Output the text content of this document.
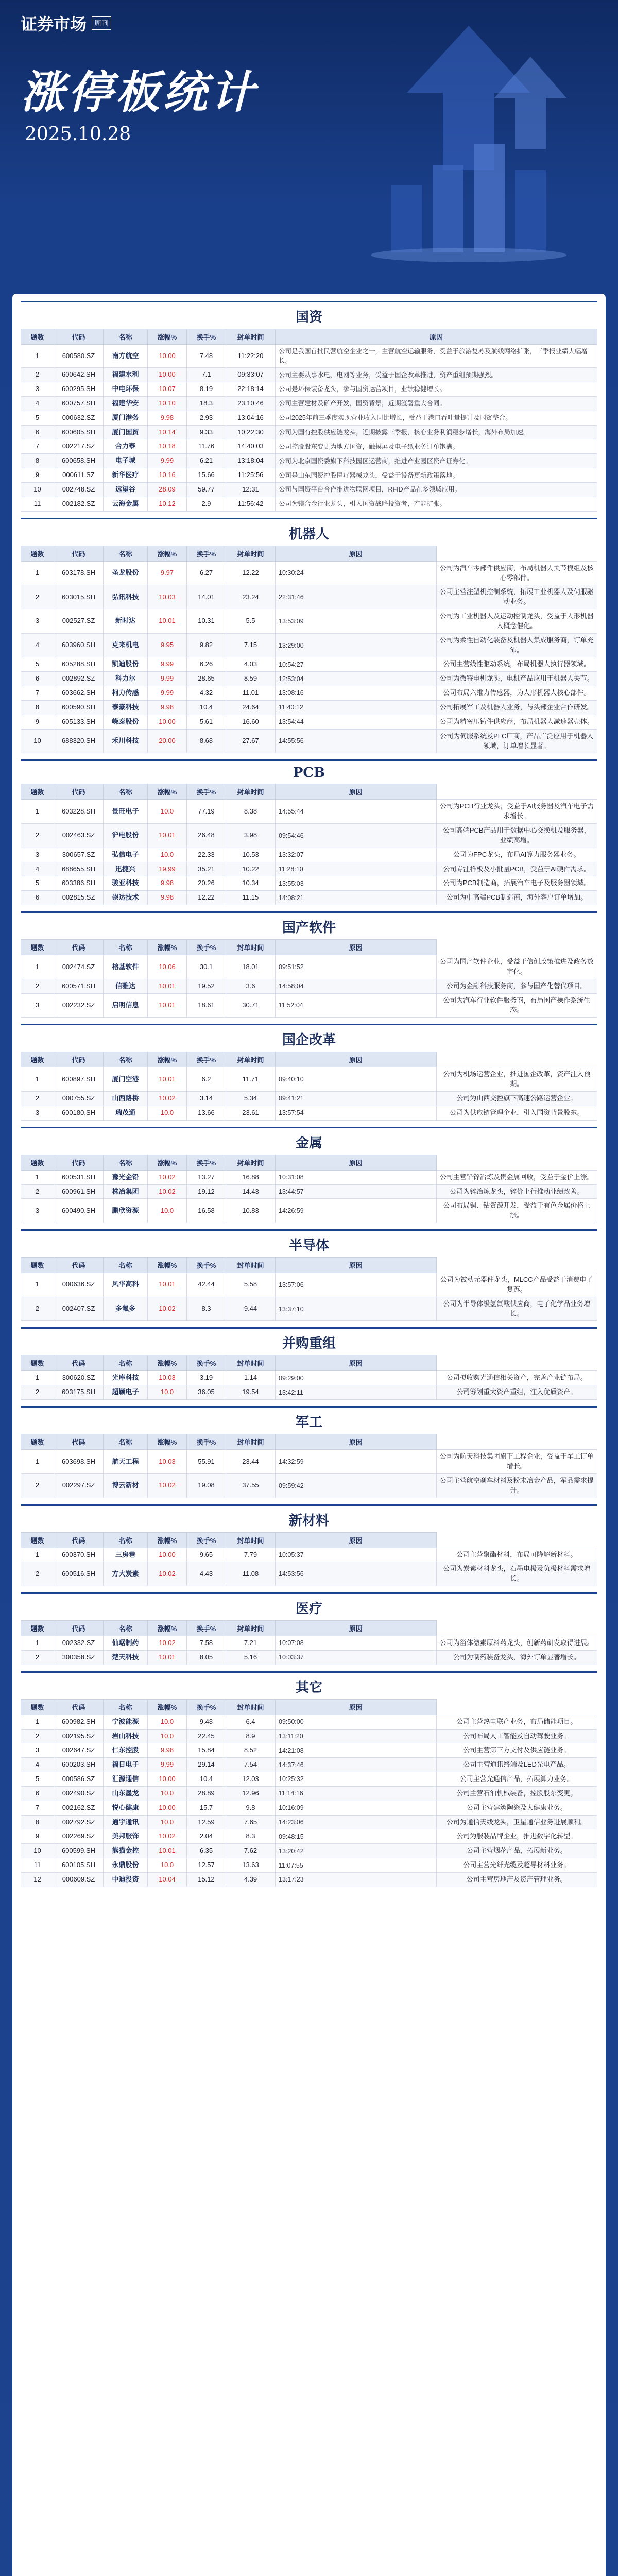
证券市场	周刊
涨停板统计
2025.10.28
国资
题数	代码	名称	涨幅%	换手%	封单时间	原因
1	600580.SZ	南方航空	10.00	7.48	11:22:20	公司是我国首批民营航空企业之一，主营航空运输服务，受益于旅游复苏及航线网络扩张，三季报业绩大幅增长。
2	600642.SH	福建水利	10.00	7.1	09:33:07	公司主要从事水电、电网等业务，受益于国企改革推进，资产重组预期强烈。
3	600295.SH	中电环保	10.07	8.19	22:18:14	公司是环保装备龙头，参与国资运营项目，业绩稳健增长。
4	600757.SH	福建华安	10.10	18.3	23:10:46	公司主营建材及矿产开发，国资背景，近期签署重大合同。
5	000632.SZ	厦门港务	9.98	2.93	13:04:16	公司2025年前三季度实现营业收入同比增长，受益于港口吞吐量提升及国资整合。
6	600605.SH	厦门国贸	10.14	9.33	10:22:30	公司为国有控股供应链龙头，近期披露三季报，核心业务利润稳步增长，海外布局加速。
7	002217.SZ	合力泰	10.18	11.76	14:40:03	公司控股股东变更为地方国资，触摸屏及电子纸业务订单饱满。
8	600658.SH	电子城	9.99	6.21	13:18:04	公司为北京国资委旗下科技园区运营商，推进产业园区资产证券化。
9	000611.SZ	新华医疗	10.16	15.66	11:25:56	公司是山东国资控股医疗器械龙头，受益于设备更新政策落地。
10	002748.SZ	远望谷	28.09	59.77	12:31	公司与国资平台合作推进物联网项目，RFID产品在多领域应用。
11	002182.SZ	云海金属	10.12	2.9	11:56:42	公司为镁合金行业龙头，引入国资战略投资者，产能扩张。
机器人
题数	代码	名称	涨幅%	换手%	封单时间	原因	
1	603178.SH	圣龙股份	9.97	6.27	12.22	10:30:24	公司为汽车零部件供应商，布局机器人关节模组及核心零部件。
2	603015.SH	弘讯科技	10.03	14.01	23.24	22:31:46	公司主营注塑机控制系统，拓展工业机器人及伺服驱动业务。
3	002527.SZ	新时达	10.01	10.31	5.5	13:53:09	公司为工业机器人及运动控制龙头，受益于人形机器人概念催化。
4	603960.SH	克来机电	9.95	9.82	7.15	13:29:00	公司为柔性自动化装备及机器人集成服务商，订单充沛。
5	605288.SH	凯迪股份	9.99	6.26	4.03	10:54:27	公司主营线性驱动系统，布局机器人执行器领域。
6	002892.SZ	科力尔	9.99	28.65	8.59	12:53:04	公司为微特电机龙头，电机产品应用于机器人关节。
7	603662.SH	柯力传感	9.99	4.32	11.01	13:08:16	公司布局六维力传感器，为人形机器人核心部件。
8	600590.SH	泰豪科技	9.98	10.4	24.64	11:40:12	公司拓展军工及机器人业务，与头部企业合作研发。
9	605133.SH	嵘泰股份	10.00	5.61	16.60	13:54:44	公司为精密压铸件供应商，布局机器人减速器壳体。
10	688320.SH	禾川科技	20.00	8.68	27.67	14:55:56	公司为伺服系统及PLC厂商，产品广泛应用于机器人领域，订单增长显著。
PCB
题数	代码	名称	涨幅%	换手%	封单时间	原因	
1	603228.SH	景旺电子	10.0	77.19	8.38	14:55:44	公司为PCB行业龙头，受益于AI服务器及汽车电子需求增长。
2	002463.SZ	沪电股份	10.01	26.48	3.98	09:54:46	公司高端PCB产品用于数据中心交换机及服务器，业绩高增。
3	300657.SZ	弘信电子	10.0	22.33	10.53	13:32:07	公司为FPC龙头，布局AI算力服务器业务。
4	688655.SH	迅捷兴	19.99	35.21	10.22	11:28:10	公司专注样板及小批量PCB，受益于AI硬件需求。
5	603386.SH	骏亚科技	9.98	20.26	10.34	13:55:03	公司为PCB制造商，拓展汽车电子及服务器领域。
6	002815.SZ	崇达技术	9.98	12.22	11.15	14:08:21	公司为中高端PCB制造商，海外客户订单增加。
国产软件
题数	代码	名称	涨幅%	换手%	封单时间	原因	
1	002474.SZ	榕基软件	10.06	30.1	18.01	09:51:52	公司为国产软件企业，受益于信创政策推进及政务数字化。
2	600571.SH	信雅达	10.01	19.52	3.6	14:58:04	公司为金融科技服务商，参与国产化替代项目。
3	002232.SZ	启明信息	10.01	18.61	30.71	11:52:04	公司为汽车行业软件服务商，布局国产操作系统生态。
国企改革
题数	代码	名称	涨幅%	换手%	封单时间	原因	
1	600897.SH	厦门空港	10.01	6.2	11.71	09:40:10	公司为机场运营企业，推进国企改革，资产注入预期。
2	000755.SZ	山西路桥	10.02	3.14	5.34	09:41:21	公司为山西交控旗下高速公路运营企业。
3	600180.SH	瑞茂通	10.0	13.66	23.61	13:57:54	公司为供应链管理企业，引入国资背景股东。
金属
题数	代码	名称	涨幅%	换手%	封单时间	原因	
1	600531.SH	豫光金铅	10.02	13.27	16.88	10:31:08	公司主营铅锌冶炼及贵金属回收，受益于金价上涨。
2	600961.SH	株冶集团	10.02	19.12	14.43	13:44:57	公司为锌冶炼龙头，锌价上行推动业绩改善。
3	600490.SH	鹏欣资源	10.0	16.58	10.83	14:26:59	公司布局铜、钴资源开发，受益于有色金属价格上涨。
半导体
题数	代码	名称	涨幅%	换手%	封单时间	原因	
1	000636.SZ	风华高科	10.01	42.44	5.58	13:57:06	公司为被动元器件龙头，MLCC产品受益于消费电子复苏。
2	002407.SZ	多氟多	10.02	8.3	9.44	13:37:10	公司为半导体级氢氟酸供应商，电子化学品业务增长。
并购重组
题数	代码	名称	涨幅%	换手%	封单时间	原因	
1	300620.SZ	光库科技	10.03	3.19	1.14	09:29:00	公司拟收购光通信相关资产，完善产业链布局。
2	603175.SH	超颖电子	10.0	36.05	19.54	13:42:11	公司筹划重大资产重组，注入优质资产。
军工
题数	代码	名称	涨幅%	换手%	封单时间	原因	
1	603698.SH	航天工程	10.03	55.91	23.44	14:32:59	公司为航天科技集团旗下工程企业，受益于军工订单增长。
2	002297.SZ	博云新材	10.02	19.08	37.55	09:59:42	公司主营航空刹车材料及粉末冶金产品，军品需求提升。
新材料
题数	代码	名称	涨幅%	换手%	封单时间	原因	
1	600370.SH	三房巷	10.00	9.65	7.79	10:05:37	公司主营聚酯材料，布局可降解新材料。
2	600516.SH	方大炭素	10.02	4.43	11.08	14:53:56	公司为炭素材料龙头，石墨电极及负极材料需求增长。
医疗
题数	代码	名称	涨幅%	换手%	封单时间	原因	
1	002332.SZ	仙琚制药	10.02	7.58	7.21	10:07:08	公司为甾体激素原料药龙头，创新药研发取得进展。
2	300358.SZ	楚天科技	10.01	8.05	5.16	10:03:37	公司为制药装备龙头，海外订单显著增长。
其它
题数	代码	名称	涨幅%	换手%	封单时间	原因	
1	600982.SH	宁波能源	10.0	9.48	6.4	09:50:00	公司主营热电联产业务，布局储能项目。
2	002195.SZ	岩山科技	10.0	22.45	8.9	13:11:20	公司布局人工智能及自动驾驶业务。
3	002647.SZ	仁东控股	9.98	15.84	8.52	14:21:08	公司主营第三方支付及供应链业务。
4	600203.SH	福日电子	9.99	29.14	7.54	14:37:46	公司主营通讯终端及LED光电产品。
5	000586.SZ	汇源通信	10.00	10.4	12.03	10:25:32	公司主营光通信产品，拓展算力业务。
6	002490.SZ	山东墨龙	10.0	28.89	12.96	11:14:16	公司主营石油机械装备，控股股东变更。
7	002162.SZ	悦心健康	10.00	15.7	9.8	10:16:09	公司主营建筑陶瓷及大健康业务。
8	002792.SZ	通宇通讯	10.0	12.59	7.65	14:23:06	公司为通信天线龙头，卫星通信业务进展顺利。
9	002269.SZ	美邦服饰	10.02	2.04	8.3	09:48:15	公司为服装品牌企业，推进数字化转型。
10	600599.SH	熊猫金控	10.01	6.35	7.62	13:20:42	公司主营烟花产品，拓展新业务。
11	600105.SH	永鼎股份	10.0	12.57	13.63	11:07:55	公司主营光纤光缆及超导材料业务。
12	000609.SZ	中迪投资	10.04	15.12	4.39	13:17:23	公司主营房地产及资产管理业务。
